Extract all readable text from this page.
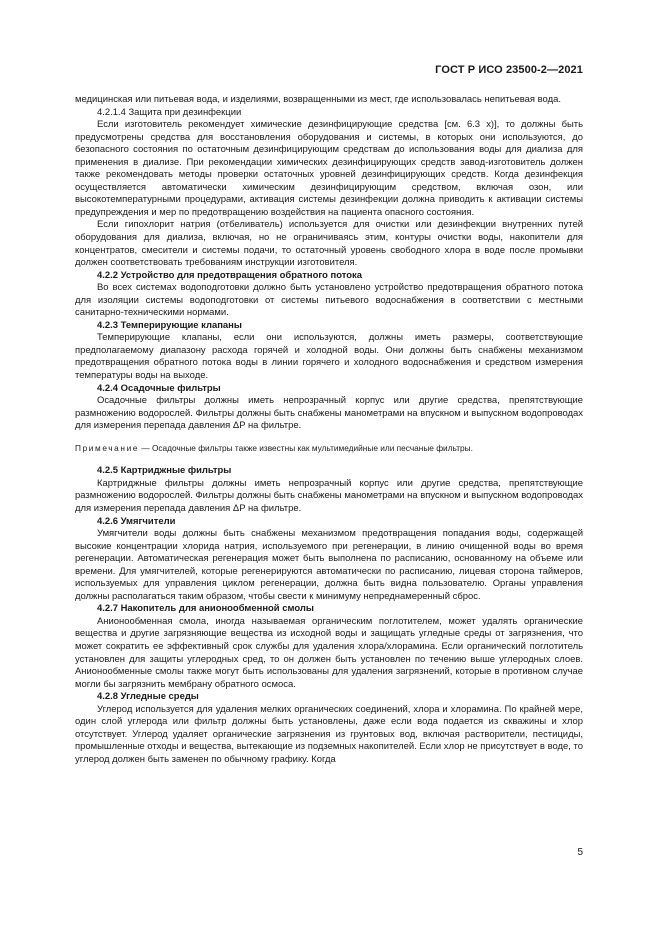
ГОСТ Р ИСО 23500-2—2021

медицинская или питьевая вода, и изделиями, возвращенными из мест, где использовалась непитьевая вода.

4.2.1.4 Защита при дезинфекции

Если изготовитель рекомендует химические дезинфицирующие средства [см. 6.3 x)], то должны быть предусмотрены средства для восстановления оборудования и системы, в которых они используются, до безопасного состояния по остаточным дезинфицирующим средствам до использования воды для диализа для применения в диализе. При рекомендации химических дезинфицирующих средств завод-изготовитель должен также рекомендовать методы проверки остаточных уровней дезинфицирующих средств. Когда дезинфекция осуществляется автоматически химическим дезинфицирующим средством, включая озон, или высокотемпературными процедурами, активация системы дезинфекции должна приводить к активации системы предупреждения и мер по предотвращению воздействия на пациента опасного состояния.

Если гипохлорит натрия (отбеливатель) используется для очистки или дезинфекции внутренних путей оборудования для диализа, включая, но не ограничиваясь этим, контуры очистки воды, накопители для концентратов, смесители и системы подачи, то остаточный уровень свободного хлора в воде после промывки должен соответствовать требованиям инструкции изготовителя.

4.2.2 Устройство для предотвращения обратного потока

Во всех системах водоподготовки должно быть установлено устройство предотвращения обратного потока для изоляции системы водоподготовки от системы питьевого водоснабжения в соответствии с местными санитарно-техническими нормами.

4.2.3 Темперирующие клапаны

Темперирующие клапаны, если они используются, должны иметь размеры, соответствующие предполагаемому диапазону расхода горячей и холодной воды. Они должны быть снабжены механизмом предотвращения обратного потока воды в линии горячего и холодного водоснабжения и средством измерения температуры воды на выходе.

4.2.4 Осадочные фильтры

Осадочные фильтры должны иметь непрозрачный корпус или другие средства, препятствующие размножению водорослей. Фильтры должны быть снабжены манометрами на впускном и выпускном водопроводах для измерения перепада давления ΔP на фильтре.

Примечание — Осадочные фильтры также известны как мультимедийные или песчаные фильтры.

4.2.5 Картриджные фильтры

Картриджные фильтры должны иметь непрозрачный корпус или другие средства, препятствующие размножению водорослей. Фильтры должны быть снабжены манометрами на впускном и выпускном водопроводах для измерения перепада давления ΔP на фильтре.

4.2.6 Умягчители

Умягчители воды должны быть снабжены механизмом предотвращения попадания воды, содержащей высокие концентрации хлорида натрия, используемого при регенерации, в линию очищенной воды во время регенерации. Автоматическая регенерация может быть выполнена по расписанию, основанному на объеме или времени. Для умягчителей, которые регенерируются автоматически по расписанию, лицевая сторона таймеров, используемых для управления циклом регенерации, должна быть видна пользователю. Органы управления должны располагаться таким образом, чтобы свести к минимуму непреднамеренный сброс.

4.2.7 Накопитель для анионообменной смолы

Анионообменная смола, иногда называемая органическим поглотителем, может удалять органические вещества и другие загрязняющие вещества из исходной воды и защищать угледные среды от загрязнения, что может сократить ее эффективный срок службы для удаления хлора/хлорамина. Если органический поглотитель установлен для защиты углеродных сред, то он должен быть установлен по течению выше углеродных слоев. Анионообменные смолы также могут быть использованы для удаления загрязнений, которые в противном случае могли бы загрязнить мембрану обратного осмоса.

4.2.8 Угледные среды

Углерод используется для удаления мелких органических соединений, хлора и хлорамина. По крайней мере, один слой углерода или фильтр должны быть установлены, даже если вода подается из скважины и хлор отсутствует. Углерод удаляет органические загрязнения из грунтовых вод, включая растворители, пестициды, промышленные отходы и вещества, вытекающие из подземных накопителей. Если хлор не присутствует в воде, то углерод должен быть заменен по обычному графику. Когда

5
